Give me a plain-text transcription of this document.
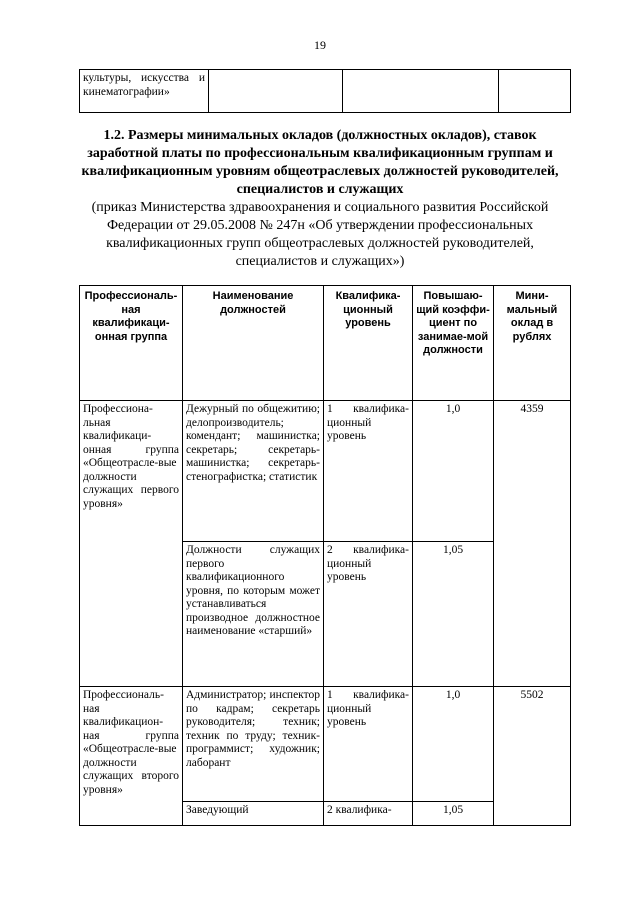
19
культуры, искусства и кинематографии»			
1.2. Размеры минимальных окладов (должностных окладов), ставок заработной платы по профессиональным квалификационным группам и квалификационным уровням общеотраслевых должностей руководителей, специалистов и служащих
(приказ Министерства здравоохранения и социального развития Российской Федерации от 29.05.2008 № 247н «Об утверждении профессиональных квалификационных групп общеотраслевых должностей руководителей, специалистов и служащих»)
Профессиональ-ная квалификаци-онная группа	Наименование должностей	Квалифика-ционный уровень	Повышаю-щий коэффи-циент по занимае-мой должности	Мини-мальный оклад в рублях
Профессиона-льная квалификаци-онная группа «Общеотрасле-вые должности служащих первого уровня»	Дежурный по общежитию; делопроизводитель; комендант; машинистка; секретарь; секретарь-машинистка; секретарь-стенографистка; статистик	1 квалифика-ционный уровень	1,0	4359
	Должности служащих первого квалификационного уровня, по которым может устанавливаться производное должностное наименование «старший»	2 квалифика-ционный уровень	1,05	
Профессиональ-ная квалификацион-ная группа «Общеотрасле-вые должности служащих второго уровня»	Администратор; инспектор по кадрам; секретарь руководителя; техник; техник по труду; техник-программист; художник; лаборант	1 квалифика-ционный уровень	1,0	5502
	Заведующий	2 квалифика-	1,05	
